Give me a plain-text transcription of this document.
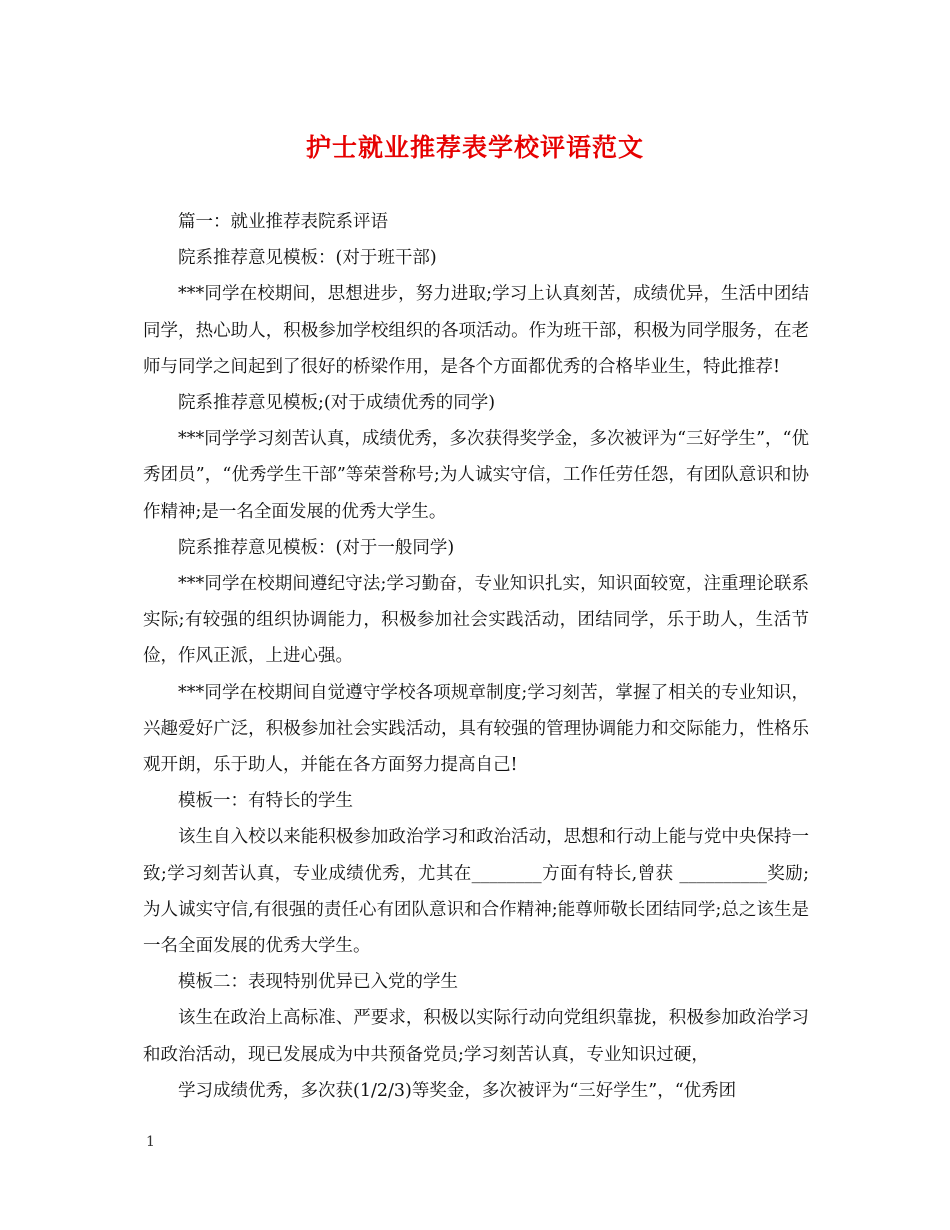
护士就业推荐表学校评语范文

篇一：就业推荐表院系评语

院系推荐意见模板：(对于班干部)

***同学在校期间，思想进步，努力进取;学习上认真刻苦，成绩优异，生活中团结同学，热心助人，积极参加学校组织的各项活动。作为班干部，积极为同学服务，在老师与同学之间起到了很好的桥梁作用，是各个方面都优秀的合格毕业生，特此推荐!

院系推荐意见模板;(对于成绩优秀的同学)

***同学学习刻苦认真，成绩优秀，多次获得奖学金，多次被评为“三好学生”，“优秀团员”，“优秀学生干部”等荣誉称号;为人诚实守信，工作任劳任怨，有团队意识和协作精神;是一名全面发展的优秀大学生。

院系推荐意见模板：(对于一般同学)

***同学在校期间遵纪守法;学习勤奋，专业知识扎实，知识面较宽，注重理论联系实际;有较强的组织协调能力，积极参加社会实践活动，团结同学，乐于助人，生活节俭，作风正派，上进心强。

***同学在校期间自觉遵守学校各项规章制度;学习刻苦，掌握了相关的专业知识，兴趣爱好广泛，积极参加社会实践活动，具有较强的管理协调能力和交际能力，性格乐观开朗，乐于助人，并能在各方面努力提高自己!

模板一：有特长的学生

该生自入校以来能积极参加政治学习和政治活动，思想和行动上能与党中央保持一致;学习刻苦认真，专业成绩优秀，尤其在________方面有特长,曾获 __________奖励;为人诚实守信,有很强的责任心有团队意识和合作精神;能尊师敬长团结同学;总之该生是一名全面发展的优秀大学生。

模板二：表现特别优异已入党的学生

该生在政治上高标准、严要求，积极以实际行动向党组织靠拢，积极参加政治学习和政治活动，现已发展成为中共预备党员;学习刻苦认真，专业知识过硬，

学习成绩优秀，多次获(1/2/3)等奖金，多次被评为“三好学生”，“优秀团

1
